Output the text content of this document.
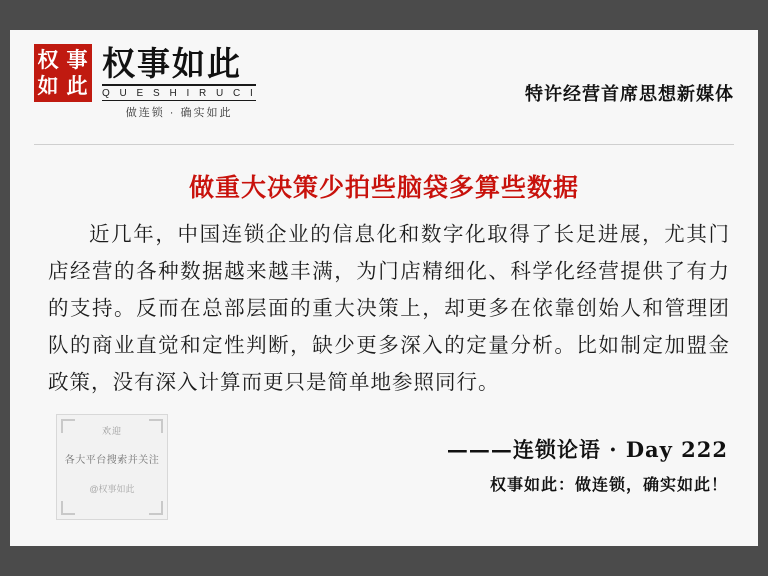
权 事
如 此
权事如此
Q U E S H I R U C I
做连锁 · 确实如此
特许经营首席思想新媒体
做重大决策少拍些脑袋多算些数据
近几年，中国连锁企业的信息化和数字化取得了长足进展，尤其门店经营的各种数据越来越丰满，为门店精细化、科学化经营提供了有力的支持。反而在总部层面的重大决策上，却更多在依靠创始人和管理团队的商业直觉和定性判断，缺少更多深入的定量分析。比如制定加盟金政策，没有深入计算而更只是简单地参照同行。
———连锁论语 · Day 222
权事如此：做连锁，确实如此！
欢迎
各大平台搜索并关注
@权事如此
